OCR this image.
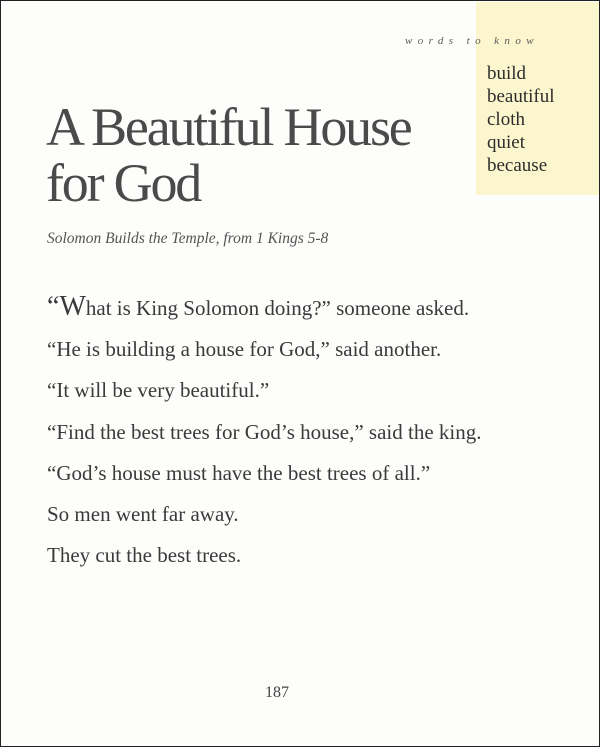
words to know
build
beautiful
cloth
quiet
because
A Beautiful House
for God
Solomon Builds the Temple, from 1 Kings 5-8

“What is King Solomon doing?” someone asked.

“He is building a house for God,” said another.

“It will be very beautiful.”

“Find the best trees for God’s house,” said the king.

“God’s house must have the best trees of all.”

So men went far away.

They cut the best trees.

187
